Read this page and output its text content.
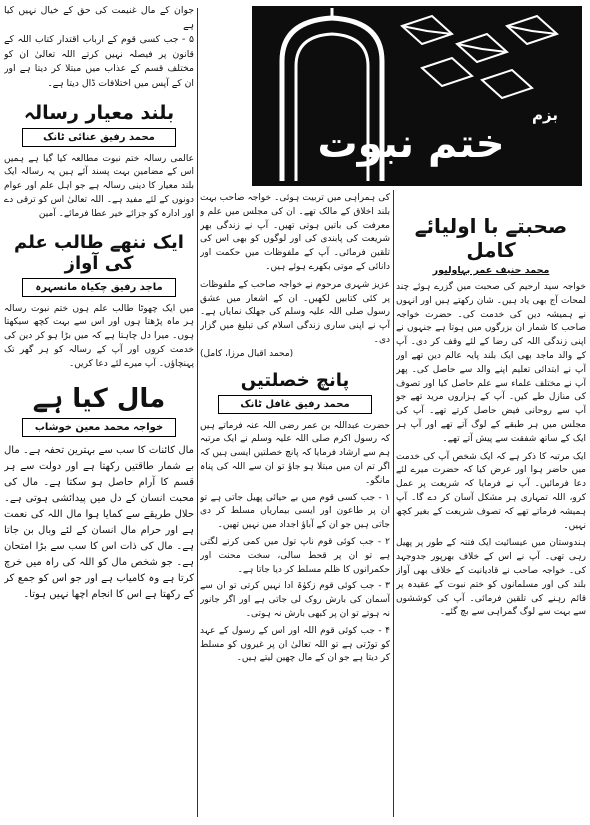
بزم
ختم نبوت

جوان کے مال غنیمت کی حق کے خیال نہیں کیا ہے

۵ - جب کسی قوم کے ارباب اقتدار کتاب اللہ کے قانون پر فیصلہ نہیں کرتے اللہ تعالیٰ ان کو مختلف قسم کے عذاب میں مبتلا کر دیتا ہے اور ان کے آپس میں اختلافات ڈال دیتا ہے۔

بلند معیار رسالہ
محمد رفیق عنائی ٹانک

عالمی رسالہ ختم نبوت مطالعہ کیا گیا ہے ہمیں اس کے مضامین بہت پسند آئے ہیں یہ رسالہ ایک بلند معیار کا دینی رسالہ ہے جو اہل علم اور عوام دونوں کے لئے مفید ہے۔ اللہ تعالیٰ اس کو ترقی دے اور ادارہ کو جزائے خیر عطا فرمائے۔ آمین

ایک ننھے طالب علم کی آواز
ماجد رفیق چکیاہ مانسہرہ

میں ایک چھوٹا طالب علم ہوں ختم نبوت رسالہ ہر ماہ پڑھتا ہوں اور اس سے بہت کچھ سیکھتا ہوں۔ میرا دل چاہتا ہے کہ میں بڑا ہو کر دین کی خدمت کروں اور آپ کے رسالہ کو ہر گھر تک پہنچاؤں۔ آپ میرے لئے دعا کریں۔

مال کیا ہے
خواجہ محمد معین خوشاب

مال کائنات کا سب سے بہترین تحفہ ہے۔ مال بے شمار طاقتیں رکھتا ہے اور دولت سے ہر قسم کا آرام حاصل ہو سکتا ہے۔ مال کی محبت انسان کے دل میں پیدائشی ہوتی ہے۔ حلال طریقے سے کمایا ہوا مال اللہ کی نعمت ہے اور حرام مال انسان کے لئے وبال بن جاتا ہے۔ مال کی ذات اس کا سب سے بڑا امتحان ہے۔ جو شخص مال کو اللہ کی راہ میں خرچ کرتا ہے وہ کامیاب ہے اور جو اس کو جمع کر کے رکھتا ہے اس کا انجام اچھا نہیں ہوتا۔

کی ہمراہی میں تربیت ہوئی۔ خواجہ صاحب بہت بلند اخلاق کے مالک تھے۔ ان کی مجلس میں علم و معرفت کی باتیں ہوتی تھیں۔ آپ نے زندگی بھر شریعت کی پابندی کی اور لوگوں کو بھی اس کی تلقین فرمائی۔ آپ کے ملفوظات میں حکمت اور دانائی کے موتی بکھرے ہوئے ہیں۔

عزیز شہری مرحوم نے خواجہ صاحب کے ملفوظات پر کئی کتابیں لکھیں۔ ان کے اشعار میں عشق رسول صلی اللہ علیہ وسلم کی جھلک نمایاں ہے۔ آپ نے اپنی ساری زندگی اسلام کی تبلیغ میں گزار دی۔

(محمد اقبال مرزا، کامل)

پانچ خصلتیں
محمد رفیق غافل ٹانک

حضرت عبداللہ بن عمر رضی اللہ عنہ فرماتے ہیں کہ رسول اکرم صلی اللہ علیہ وسلم نے ایک مرتبہ ہم سے ارشاد فرمایا کہ پانچ خصلتیں ایسی ہیں کہ اگر تم ان میں مبتلا ہو جاؤ تو ان سے اللہ کی پناہ مانگو۔

۱ - جب کسی قوم میں بے حیائی پھیل جاتی ہے تو ان پر طاعون اور ایسی بیماریاں مسلط کر دی جاتی ہیں جو ان کے آباؤ اجداد میں نہیں تھیں۔

۲ - جب کوئی قوم ناپ تول میں کمی کرنے لگتی ہے تو ان پر قحط سالی، سخت محنت اور حکمرانوں کا ظلم مسلط کر دیا جاتا ہے۔

۳ - جب کوئی قوم زکوٰۃ ادا نہیں کرتی تو ان سے آسمان کی بارش روک لی جاتی ہے اور اگر جانور نہ ہوتے تو ان پر کبھی بارش نہ ہوتی۔

۴ - جب کوئی قوم اللہ اور اس کے رسول کے عہد کو توڑتی ہے تو اللہ تعالیٰ ان پر غیروں کو مسلط کر دیتا ہے جو ان کے مال چھین لیتے ہیں۔

صحبتے با اولیائے کامل
محمد حنیف عمر بہاولپور

خواجہ سید ارحیم کی صحبت میں گزرے ہوئے چند لمحات آج بھی یاد ہیں۔ شان رکھتے ہیں اور انہوں نے ہمیشہ دین کی خدمت کی۔ حضرت خواجہ صاحب کا شمار ان بزرگوں میں ہوتا ہے جنہوں نے اپنی زندگی اللہ کی رضا کے لئے وقف کر دی۔ آپ کے والد ماجد بھی ایک بلند پایہ عالم دین تھے اور آپ نے ابتدائی تعلیم اپنے والد سے حاصل کی۔ پھر آپ نے مختلف علماء سے علم حاصل کیا اور تصوف کی منازل طے کیں۔ آپ کے ہزاروں مرید تھے جو آپ سے روحانی فیض حاصل کرتے تھے۔ آپ کی مجلس میں ہر طبقے کے لوگ آتے تھے اور آپ ہر ایک کے ساتھ شفقت سے پیش آتے تھے۔

ایک مرتبہ کا ذکر ہے کہ ایک شخص آپ کی خدمت میں حاضر ہوا اور عرض کیا کہ حضرت میرے لئے دعا فرمائیں۔ آپ نے فرمایا کہ شریعت پر عمل کرو، اللہ تمہاری ہر مشکل آسان کر دے گا۔ آپ ہمیشہ فرماتے تھے کہ تصوف شریعت کے بغیر کچھ نہیں۔

ہندوستان میں عیسائیت ایک فتنہ کے طور پر پھیل رہی تھی۔ آپ نے اس کے خلاف بھرپور جدوجہد کی۔ خواجہ صاحب نے قادیانیت کے خلاف بھی آواز بلند کی اور مسلمانوں کو ختم نبوت کے عقیدہ پر قائم رہنے کی تلقین فرمائی۔ آپ کی کوششوں سے بہت سے لوگ گمراہی سے بچ گئے۔
